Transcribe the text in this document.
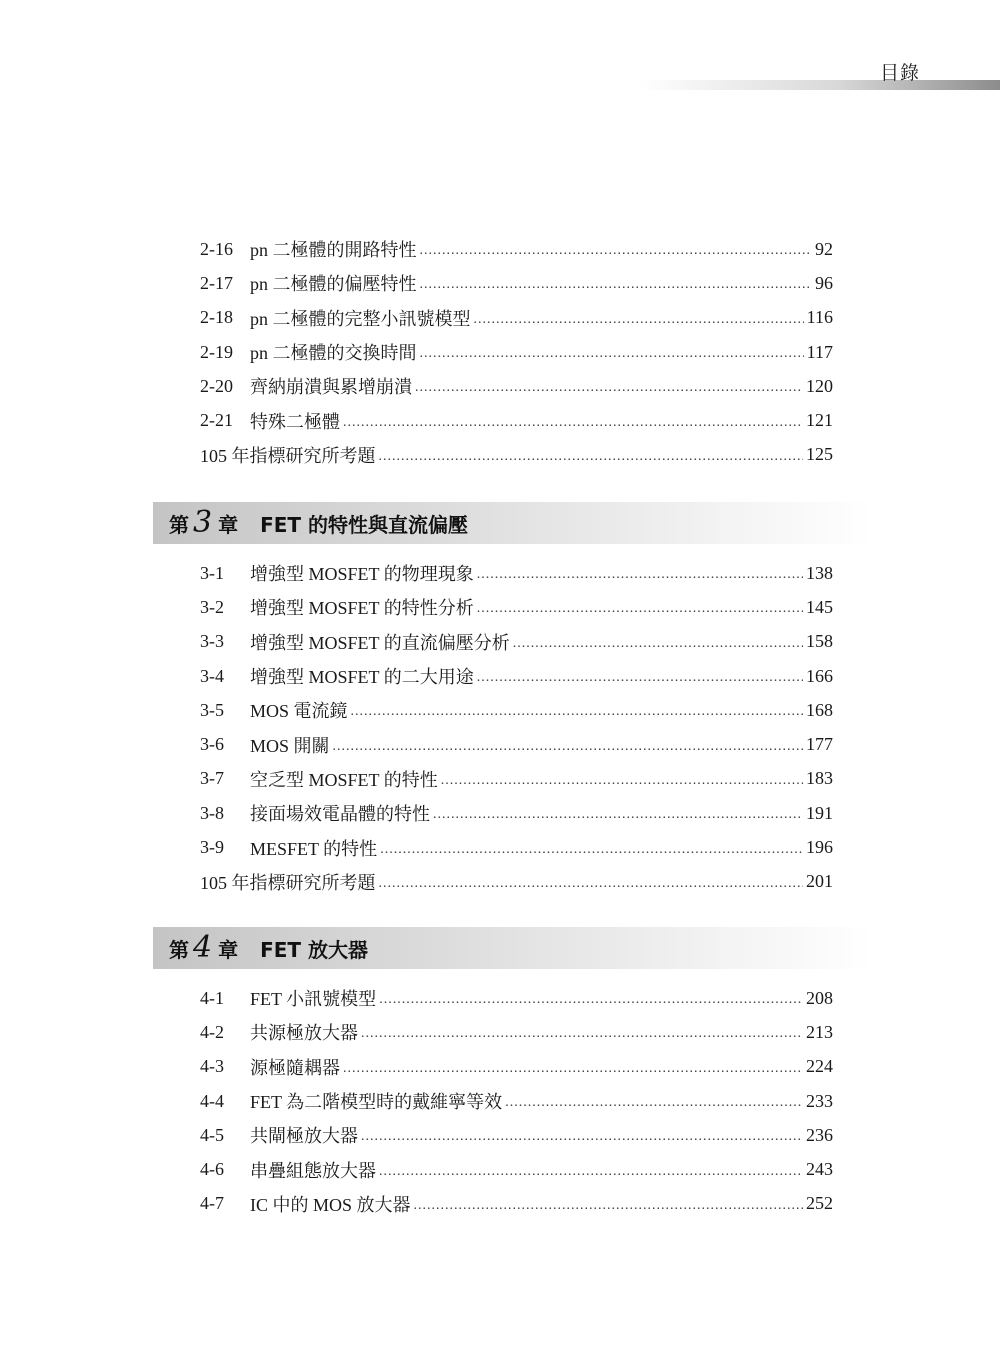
目錄
2-16 pn 二極體的開路特性 .....	92
2-17 pn 二極體的偏壓特性 .....	96
2-18 pn 二極體的完整小訊號模型 .....	116
2-19 pn 二極體的交換時間 .....	117
2-20 齊納崩潰與累增崩潰 .....	120
2-21 特殊二極體 .....	121
105 年指標研究所考題 .....	125
第 3 章 FET 的特性與直流偏壓
3-1	增強型 MOSFET 的物理現象 .....	138
3-2	增強型 MOSFET 的特性分析 .....	145
3-3	增強型 MOSFET 的直流偏壓分析 .....	158
3-4	增強型 MOSFET 的二大用途 .....	166
3-5	MOS 電流鏡 .....	168
3-6	MOS 開關 .....	177
3-7	空乏型 MOSFET 的特性 .....	183
3-8	接面場效電晶體的特性 .....	191
3-9	MESFET 的特性 .....	196
105 年指標研究所考題 .....	201
第 4 章 FET 放大器
4-1	FET 小訊號模型 .....	208
4-2	共源極放大器 .....	213
4-3	源極隨耦器 .....	224
4-4	FET 為二階模型時的戴維寧等效 .....	233
4-5	共閘極放大器 .....	236
4-6	串疊組態放大器 .....	243
4-7	IC 中的 MOS 放大器 .....	252
